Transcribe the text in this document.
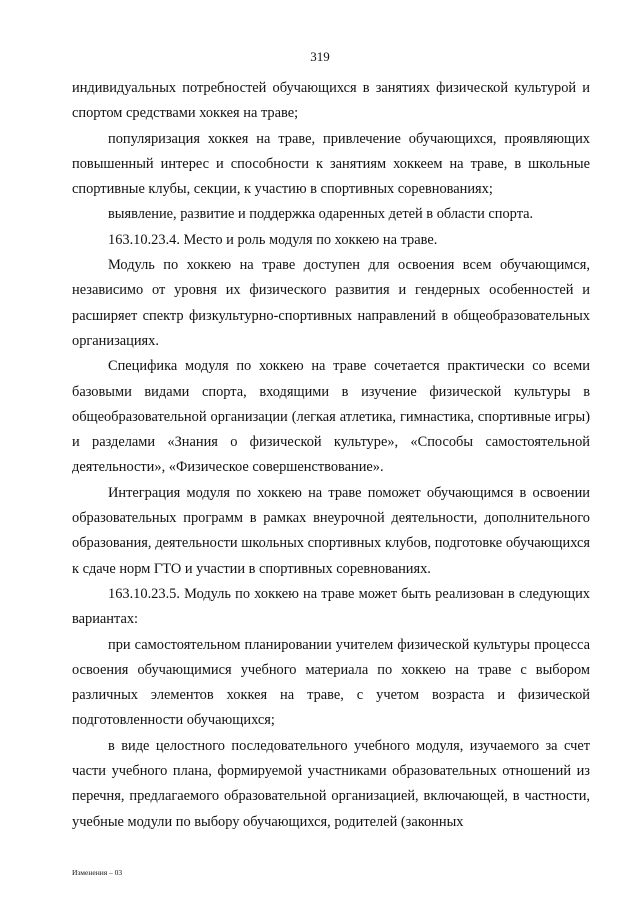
319

индивидуальных потребностей обучающихся в занятиях физической культурой и спортом средствами хоккея на траве;

популяризация хоккея на траве, привлечение обучающихся, проявляющих повышенный интерес и способности к занятиям хоккеем на траве, в школьные спортивные клубы, секции, к участию в спортивных соревнованиях;

выявление, развитие и поддержка одаренных детей в области спорта.

163.10.23.4. Место и роль модуля по хоккею на траве.

Модуль по хоккею на траве доступен для освоения всем обучающимся, независимо от уровня их физического развития и гендерных особенностей и расширяет спектр физкультурно-спортивных направлений в общеобразовательных организациях.

Специфика модуля по хоккею на траве сочетается практически со всеми базовыми видами спорта, входящими в изучение физической культуры в общеобразовательной организации (легкая атлетика, гимнастика, спортивные игры) и разделами «Знания о физической культуре», «Способы самостоятельной деятельности», «Физическое совершенствование».

Интеграция модуля по хоккею на траве поможет обучающимся в освоении образовательных программ в рамках внеурочной деятельности, дополнительного образования, деятельности школьных спортивных клубов, подготовке обучающихся к сдаче норм ГТО и участии в спортивных соревнованиях.

163.10.23.5. Модуль по хоккею на траве может быть реализован в следующих вариантах:

при самостоятельном планировании учителем физической культуры процесса освоения обучающимися учебного материала по хоккею на траве с выбором различных элементов хоккея на траве, с учетом возраста и физической подготовленности обучающихся;

в виде целостного последовательного учебного модуля, изучаемого за счет части учебного плана, формируемой участниками образовательных отношений из перечня, предлагаемого образовательной организацией, включающей, в частности, учебные модули по выбору обучающихся, родителей (законных

Изменения – 03
